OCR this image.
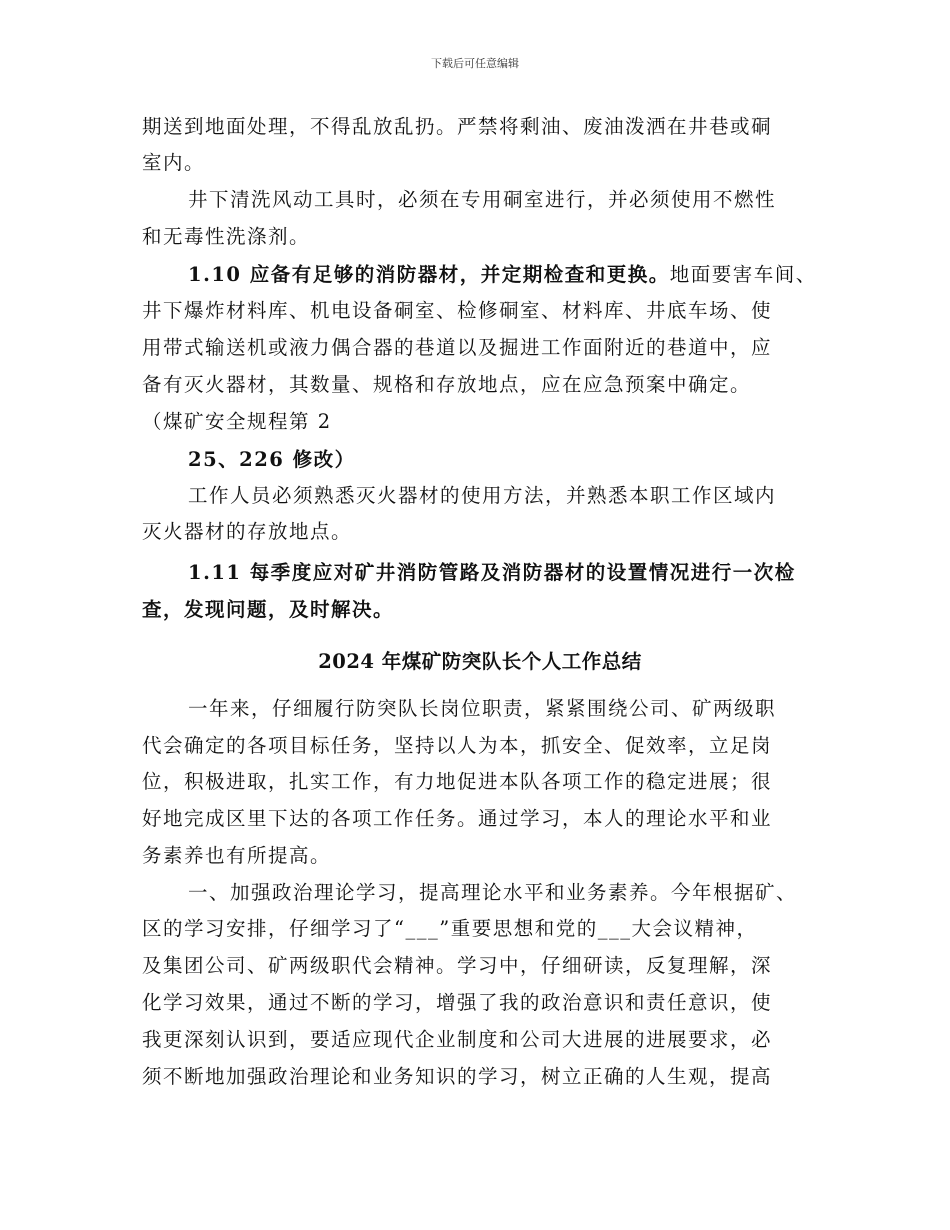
下载后可任意编辑
期送到地面处理，不得乱放乱扔。严禁将剩油、废油泼洒在井巷或硐
室内。
井下清洗风动工具时，必须在专用硐室进行，并必须使用不燃性
和无毒性洗涤剂。
1.10 应备有足够的消防器材，并定期检查和更换。地面要害车间、
井下爆炸材料库、机电设备硐室、检修硐室、材料库、井底车场、使
用带式输送机或液力偶合器的巷道以及掘进工作面附近的巷道中，应
备有灭火器材，其数量、规格和存放地点，应在应急预案中确定。
（煤矿安全规程第 2
25、226 修改）
工作人员必须熟悉灭火器材的使用方法，并熟悉本职工作区域内
灭火器材的存放地点。
1.11 每季度应对矿井消防管路及消防器材的设置情况进行一次检
查，发现问题，及时解决。
2024 年煤矿防突队长个人工作总结
一年来，仔细履行防突队长岗位职责，紧紧围绕公司、矿两级职
代会确定的各项目标任务，坚持以人为本，抓安全、促效率，立足岗
位，积极进取，扎实工作，有力地促进本队各项工作的稳定进展；很
好地完成区里下达的各项工作任务。通过学习，本人的理论水平和业
务素养也有所提高。
一、加强政治理论学习，提高理论水平和业务素养。今年根据矿、
区的学习安排，仔细学习了“___”重要思想和党的___大会议精神，
及集团公司、矿两级职代会精神。学习中，仔细研读，反复理解，深
化学习效果，通过不断的学习，增强了我的政治意识和责任意识，使
我更深刻认识到，要适应现代企业制度和公司大进展的进展要求，必
须不断地加强政治理论和业务知识的学习，树立正确的人生观，提高
